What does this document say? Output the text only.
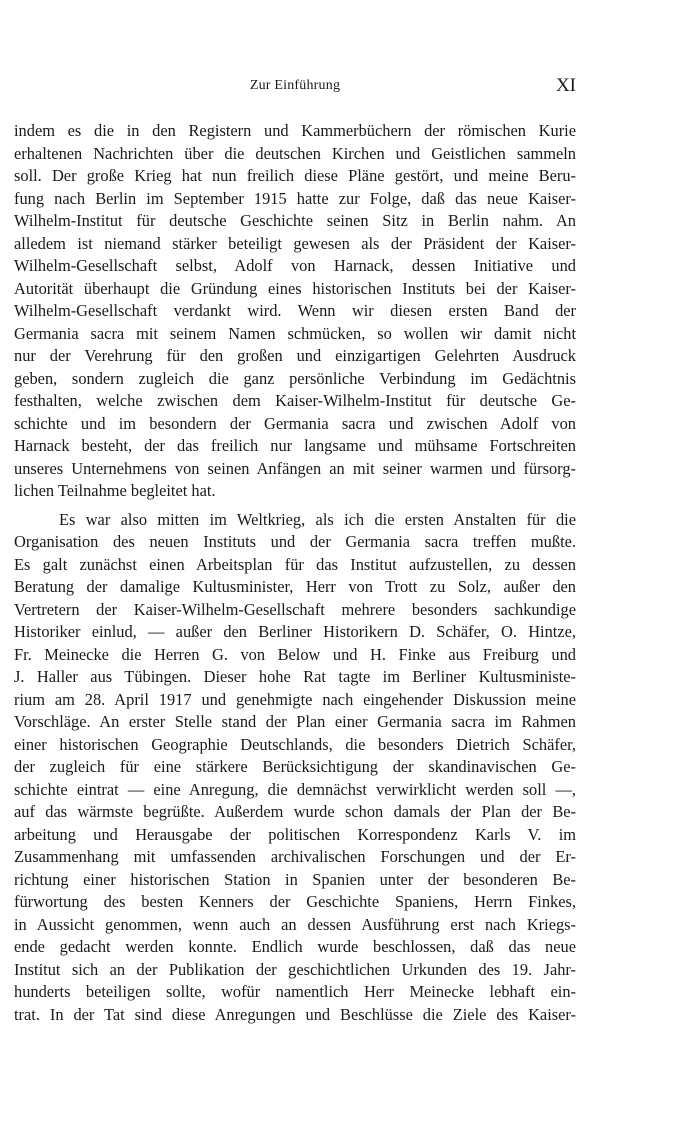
Zur Einführung	XI
indem es die in den Registern und Kammerbüchern der römischen Kurie
erhaltenen Nachrichten über die deutschen Kirchen und Geistlichen sammeln
soll. Der große Krieg hat nun freilich diese Pläne gestört, und meine Beru-
fung nach Berlin im September 1915 hatte zur Folge, daß das neue Kaiser-
Wilhelm-Institut für deutsche Geschichte seinen Sitz in Berlin nahm. An
alledem ist niemand stärker beteiligt gewesen als der Präsident der Kaiser-
Wilhelm-Gesellschaft selbst, Adolf von Harnack, dessen Initiative und
Autorität überhaupt die Gründung eines historischen Instituts bei der Kaiser-
Wilhelm-Gesellschaft verdankt wird. Wenn wir diesen ersten Band der
Germania sacra mit seinem Namen schmücken, so wollen wir damit nicht
nur der Verehrung für den großen und einzigartigen Gelehrten Ausdruck
geben, sondern zugleich die ganz persönliche Verbindung im Gedächtnis
festhalten, welche zwischen dem Kaiser-Wilhelm-Institut für deutsche Ge-
schichte und im besondern der Germania sacra und zwischen Adolf von
Harnack besteht, der das freilich nur langsame und mühsame Fortschreiten
unseres Unternehmens von seinen Anfängen an mit seiner warmen und fürsorg-
lichen Teilnahme begleitet hat.
Es war also mitten im Weltkrieg, als ich die ersten Anstalten für die
Organisation des neuen Instituts und der Germania sacra treffen mußte.
Es galt zunächst einen Arbeitsplan für das Institut aufzustellen, zu dessen
Beratung der damalige Kultusminister, Herr von Trott zu Solz, außer den
Vertretern der Kaiser-Wilhelm-Gesellschaft mehrere besonders sachkundige
Historiker einlud, — außer den Berliner Historikern D. Schäfer, O. Hintze,
Fr. Meinecke die Herren G. von Below und H. Finke aus Freiburg und
J. Haller aus Tübingen. Dieser hohe Rat tagte im Berliner Kultusministe-
rium am 28. April 1917 und genehmigte nach eingehender Diskussion meine
Vorschläge. An erster Stelle stand der Plan einer Germania sacra im Rahmen
einer historischen Geographie Deutschlands, die besonders Dietrich Schäfer,
der zugleich für eine stärkere Berücksichtigung der skandinavischen Ge-
schichte eintrat — eine Anregung, die demnächst verwirklicht werden soll —,
auf das wärmste begrüßte. Außerdem wurde schon damals der Plan der Be-
arbeitung und Herausgabe der politischen Korrespondenz Karls V. im
Zusammenhang mit umfassenden archivalischen Forschungen und der Er-
richtung einer historischen Station in Spanien unter der besonderen Be-
fürwortung des besten Kenners der Geschichte Spaniens, Herrn Finkes,
in Aussicht genommen, wenn auch an dessen Ausführung erst nach Kriegs-
ende gedacht werden konnte. Endlich wurde beschlossen, daß das neue
Institut sich an der Publikation der geschichtlichen Urkunden des 19. Jahr-
hunderts beteiligen sollte, wofür namentlich Herr Meinecke lebhaft ein-
trat. In der Tat sind diese Anregungen und Beschlüsse die Ziele des Kaiser-
